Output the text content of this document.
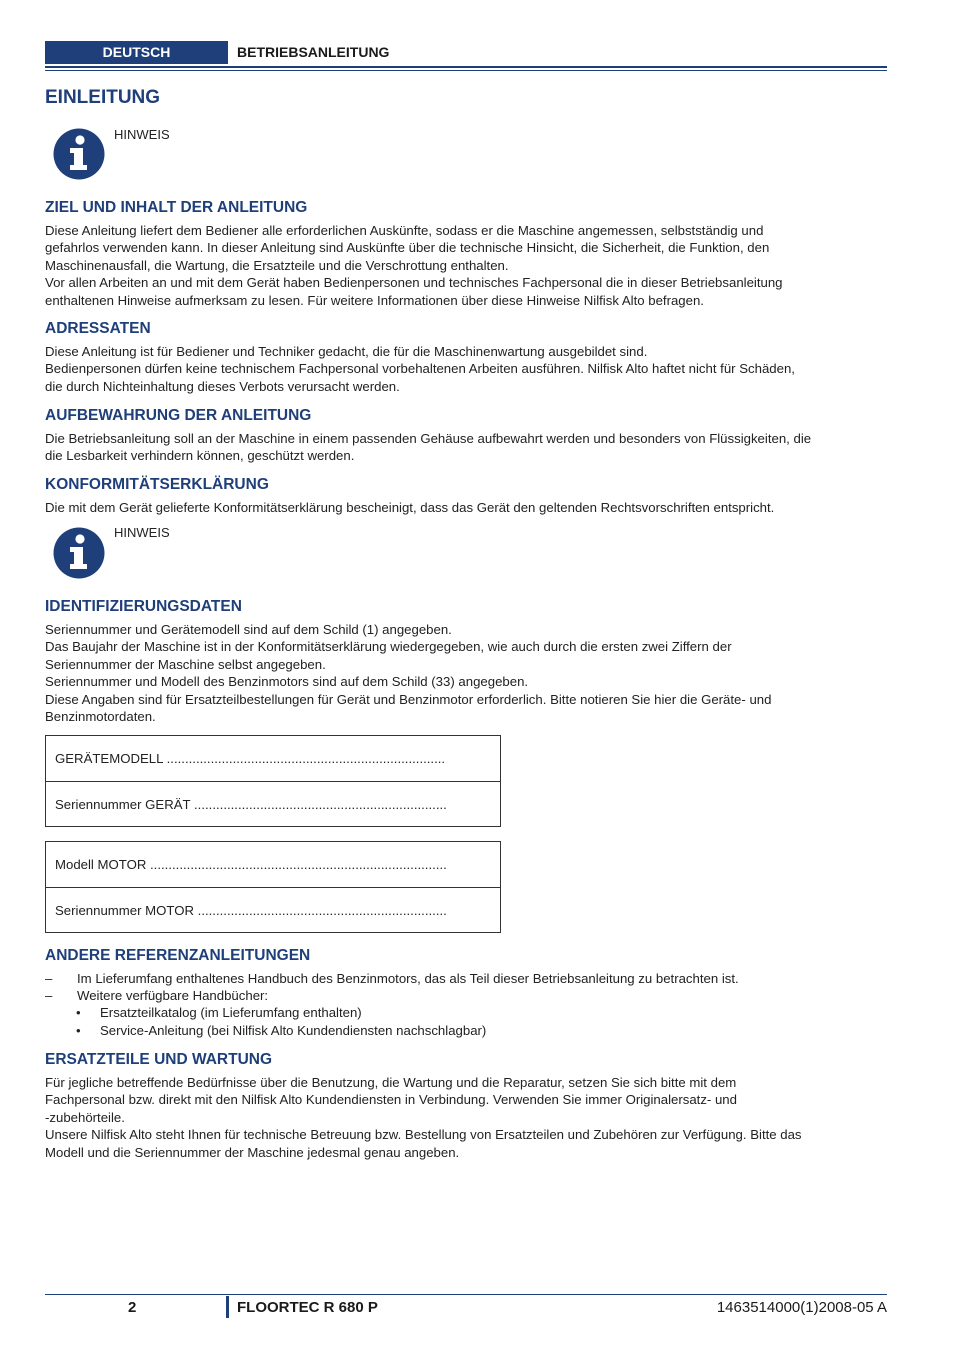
DEUTSCH	BETRIEBSANLEITUNG
EINLEITUNG
HINWEIS
ZIEL UND INHALT DER ANLEITUNG
Diese Anleitung liefert dem Bediener alle erforderlichen Auskünfte, sodass er die Maschine angemessen, selbstständig und
gefahrlos verwenden kann. In dieser Anleitung sind Auskünfte über die technische Hinsicht, die Sicherheit, die Funktion, den
Maschinenausfall, die Wartung, die Ersatzteile und die Verschrottung enthalten.
Vor allen Arbeiten an und mit dem Gerät haben Bedienpersonen und technisches Fachpersonal die in dieser Betriebsanleitung
enthaltenen Hinweise aufmerksam zu lesen. Für weitere Informationen über diese Hinweise Nilfisk Alto befragen.
ADRESSATEN
Diese Anleitung ist für Bediener und Techniker gedacht, die für die Maschinenwartung ausgebildet sind.
Bedienpersonen dürfen keine technischem Fachpersonal vorbehaltenen Arbeiten ausführen. Nilfisk Alto haftet nicht für Schäden,
die durch Nichteinhaltung dieses Verbots verursacht werden.
AUFBEWAHRUNG DER ANLEITUNG
Die Betriebsanleitung soll an der Maschine in einem passenden Gehäuse aufbewahrt werden und besonders von Flüssigkeiten, die
die Lesbarkeit verhindern können, geschützt werden.
KONFORMITÄTSERKLÄRUNG
Die mit dem Gerät gelieferte Konformitätserklärung bescheinigt, dass das Gerät den geltenden Rechtsvorschriften entspricht.
HINWEIS
IDENTIFIZIERUNGSDATEN
Seriennummer und Gerätemodell sind auf dem Schild (1) angegeben.
Das Baujahr der Maschine ist in der Konformitätserklärung wiedergegeben, wie auch durch die ersten zwei Ziffern der
Seriennummer der Maschine selbst angegeben.
Seriennummer und Modell des Benzinmotors sind auf dem Schild (33) angegeben.
Diese Angaben sind für Ersatzteilbestellungen für Gerät und Benzinmotor erforderlich. Bitte notieren Sie hier die Geräte- und
Benzinmotordaten.
GERÄTEMODELL ............................................................................
Seriennummer GERÄT .....................................................................
Modell MOTOR .................................................................................
Seriennummer MOTOR ....................................................................
ANDERE REFERENZANLEITUNGEN
– Im Lieferumfang enthaltenes Handbuch des Benzinmotors, das als Teil dieser Betriebsanleitung zu betrachten ist.
– Weitere verfügbare Handbücher:
• Ersatzteilkatalog (im Lieferumfang enthalten)
• Service-Anleitung (bei Nilfisk Alto Kundendiensten nachschlagbar)
ERSATZTEILE UND WARTUNG
Für jegliche betreffende Bedürfnisse über die Benutzung, die Wartung und die Reparatur, setzen Sie sich bitte mit dem
Fachpersonal bzw. direkt mit den Nilfisk Alto Kundendiensten in Verbindung. Verwenden Sie immer Originalersatz- und
-zubehörteile.
Unsere Nilfisk Alto steht Ihnen für technische Betreuung bzw. Bestellung von Ersatzteilen und Zubehören zur Verfügung. Bitte das
Modell und die Seriennummer der Maschine jedesmal genau angeben.
2	FLOORTEC R 680 P	1463514000(1)2008-05 A
